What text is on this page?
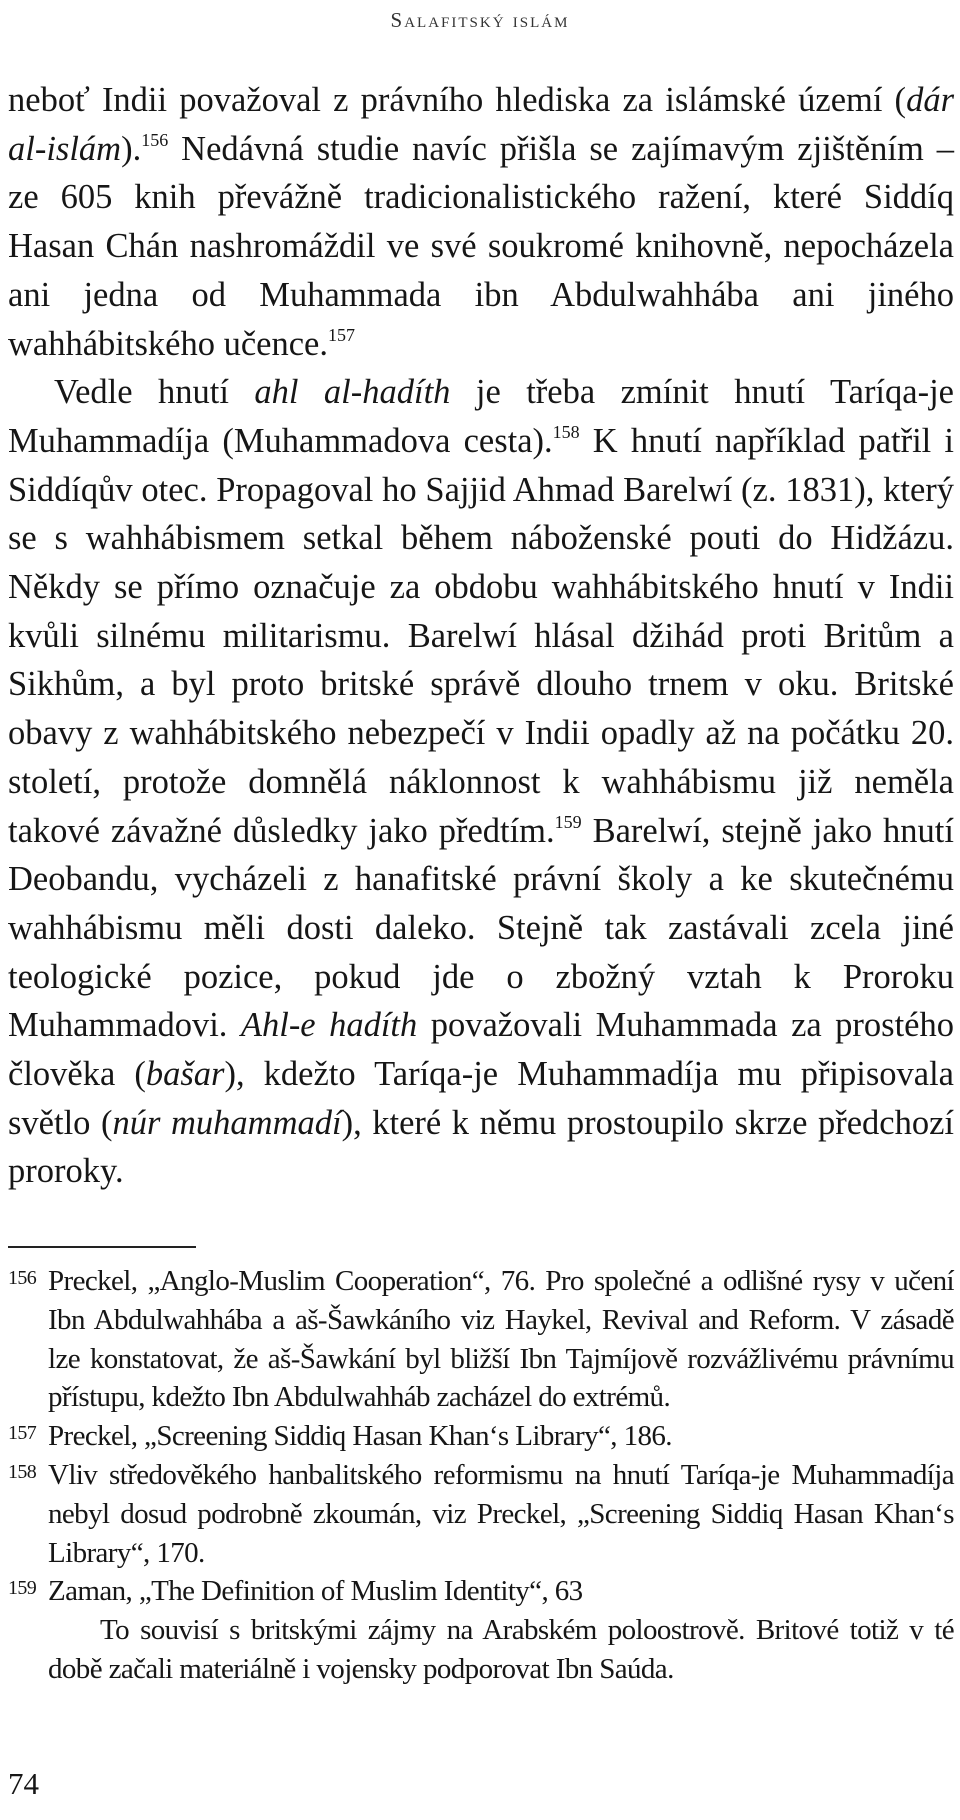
Salafitský islám

neboť Indii považoval z právního hlediska za islámské území (dár al-islám).$^{156}$ Nedávná studie navíc přišla se zajímavým zjištěním – ze 605 knih převážně tradicionalistického ražení, které Siddíq Hasan Chán nashromáždil ve své soukromé knihovně, nepocházela ani jedna od Muhammada ibn Abdulwahhába ani jiného wahhábitského učence.$^{157}$

Vedle hnutí ahl al-hadíth je třeba zmínit hnutí Taríqa-je Muhammadíja (Muhammadova cesta).$^{158}$ K hnutí například patřil i Siddíqův otec. Propagoval ho Sajjid Ahmad Barelwí (z. 1831), který se s wahhábismem setkal během náboženské pouti do Hidžázu. Někdy se přímo označuje za obdobu wahhábitského hnutí v Indii kvůli silnému militarismu. Barelwí hlásal džihád proti Britům a Sikhům, a byl proto britské správě dlouho trnem v oku. Britské obavy z wahhábitského nebezpečí v Indii opadly až na počátku 20. století, protože domnělá náklonnost k wahhábismu již neměla takové závažné důsledky jako předtím.$^{159}$ Barelwí, stejně jako hnutí Deobandu, vycházeli z hanafitské právní školy a ke skutečnému wahhábismu měli dosti daleko. Stejně tak zastávali zcela jiné teologické pozice, pokud jde o zbožný vztah k Proroku Muhammadovi. Ahl-e hadíth považovali Muhammada za prostého člověka (bašar), kdežto Taríqa-je Muhammadíja mu připisovala světlo (núr muhammadí), které k němu prostoupilo skrze předchozí proroky.

156 Preckel, „Anglo-Muslim Cooperation“, 76. Pro společné a odlišné rysy v učení Ibn Abdulwahhába a aš-Šawkáního viz Haykel, Revival and Reform. V zásadě lze konstatovat, že aš-Šawkání byl bližší Ibn Tajmíjově rozvážlivému právnímu přístupu, kdežto Ibn Abdulwahháb zacházel do extrémů.
157 Preckel, „Screening Siddiq Hasan Khan‘s Library“, 186.
158 Vliv středověkého hanbalitského reformismu na hnutí Taríqa-je Muhammadíja nebyl dosud podrobně zkoumán, viz Preckel, „Screening Siddiq Hasan Khan‘s Library“, 170.
159 Zaman, „The Definition of Muslim Identity“, 63
To souvisí s britskými zájmy na Arabském poloostrově. Britové totiž v té době začali materiálně i vojensky podporovat Ibn Saúda.
74
